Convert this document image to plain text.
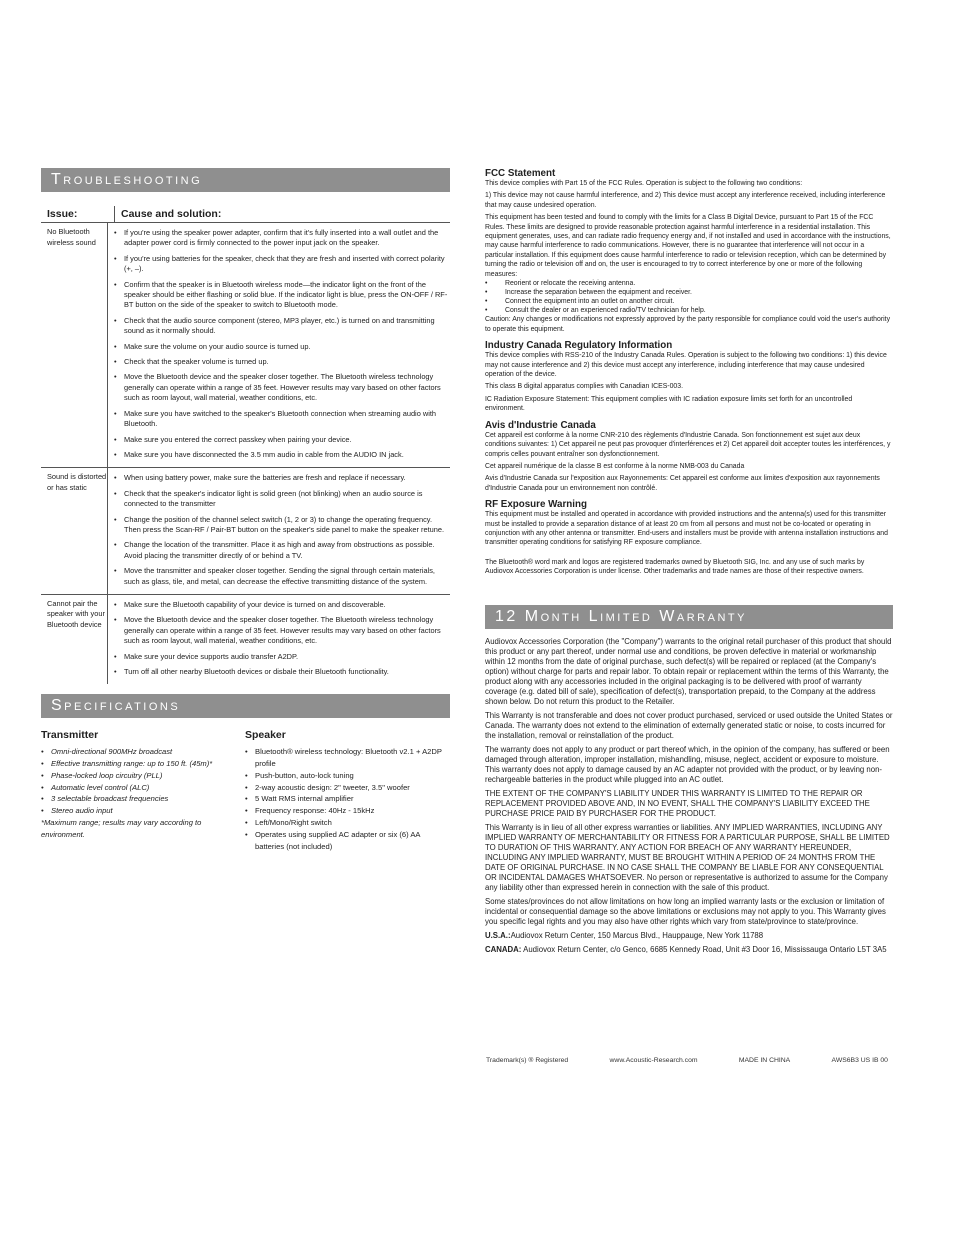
Troubleshooting
Issue:	Cause and solution:
No Bluetooth wireless sound
•	If you're using the speaker power adapter, confirm that it's fully inserted into a wall outlet and the adapter power cord is firmly connected to the power input jack on the speaker.
•	If you're using batteries for the speaker, check that they are fresh and inserted with correct polarity (+, –).
•	Confirm that the speaker is in Bluetooth wireless mode—the indicator light on the front of the speaker should be either flashing or solid blue. If the indicator light is blue, press the ON-OFF / RF-BT button on the side of the speaker to switch to Bluetooth mode.
•	Check that the audio source component (stereo, MP3 player, etc.) is turned on and transmitting sound as it normally should.
•	Make sure the volume on your audio source is turned up.
•	Check that the speaker volume is turned up.
•	Move the Bluetooth device and the speaker closer together. The Bluetooth wireless technology generally can operate within a range of 35 feet. However results may vary based on other factors such as room layout, wall material, weather conditions, etc.
•	Make sure you have switched to the speaker's Bluetooth connection when streaming audio with Bluetooth.
•	Make sure you entered the correct passkey when pairing your device.
•	Make sure you have disconnected the 3.5 mm audio in cable from the AUDIO IN jack.
Sound is distorted or has static
•	When using battery power, make sure the batteries are fresh and replace if necessary.
•	Check that the speaker's indicator light is solid green (not blinking) when an audio source is connected to the transmitter
•	Change the position of the channel select switch (1, 2 or 3) to change the operating frequency. Then press the Scan-RF / Pair-BT button on the speaker's side panel to make the speaker retune.
•	Change the location of the transmitter. Place it as high and away from obstructions as possible. Avoid placing the transmitter directly of or behind a TV.
•	Move the transmitter and speaker closer together. Sending the signal through certain materials, such as glass, tile, and metal, can decrease the effective transmitting distance of the system.
Cannot pair the speaker with your Bluetooth device
•	Make sure the Bluetooth capability of your device is turned on and discoverable.
•	Move the Bluetooth device and the speaker closer together. The Bluetooth wireless technology generally can operate within a range of 35 feet. However results may vary based on other factors such as room layout, wall material, weather conditions, etc.
•	Make sure your device supports audio transfer A2DP.
•	Turn off all other nearby Bluetooth devices or disbale their Bluetooth functionality.
Specifications
Transmitter
• Omni-directional 900MHz broadcast
• Effective transmitting range: up to 150 ft. (45m)*
• Phase-locked loop circuitry (PLL)
• Automatic level control (ALC)
• 3 selectable broadcast frequencies
• Stereo audio input
*Maximum range; results may vary according to environment.
Speaker
• Bluetooth® wireless technology: Bluetooth v2.1 + A2DP profile
• Push-button, auto-lock tuning
• 2-way acoustic design: 2" tweeter, 3.5" woofer
• 5 Watt RMS internal amplifier
• Frequency response: 40Hz - 15kHz
• Left/Mono/Right switch
• Operates using supplied AC adapter or six (6) AA batteries (not included)
FCC Statement

This device complies with Part 15 of the FCC Rules. Operation is subject to the following two conditions:

1) This device may not cause harmful interference, and 2) This device must accept any interference received, including interference that may cause undesired operation.

This equipment has been tested and found to comply with the limits for a Class B Digital Device, pursuant to Part 15 of the FCC Rules. These limits are designed to provide reasonable protection against harmful interference in a residential installation. This equipment generates, uses, and can radiate radio frequency energy and, if not installed and used in accordance with the instructions, may cause harmful interference to radio communications. However, there is no guarantee that interference will not occur in a particular installation. If this equipment does cause harmful interference to radio or television reception, which can be determined by turning the radio or television off and on, the user is encouraged to try to correct interference by one or more of the following measures:

•	Reorient or relocate the receiving antenna.
•	Increase the separation between the equipment and receiver.
•	Connect the equipment into an outlet on another circuit.
•	Consult the dealer or an experienced radio/TV technician for help.

Caution: Any changes or modifications not expressly approved by the party responsible for compliance could void the user's authority to operate this equipment.

Industry Canada Regulatory Information

This device complies with RSS-210 of the Industry Canada Rules. Operation is subject to the following two conditions: 1) this device may not cause interference and 2) this device must accept any interference, including interference that may cause undesired operation of the device.

This class B digital apparatus complies with Canadian ICES-003.

IC Radiation Exposure Statement: This equipment complies with IC radiation exposure limits set forth for an uncontrolled environment.

Avis d'Industrie Canada

Cet appareil est conforme à la norme CNR-210 des règlements d'Industrie Canada. Son fonctionnement est sujet aux deux conditions suivantes: 1) Cet appareil ne peut pas provoquer d'interférences et 2) Cet appareil doit accepter toutes les interférences, y compris celles pouvant entraîner son dysfonctionnement.

Cet appareil numérique de la classe B est conforme à la norme NMB-003 du Canada

Avis d'Industrie Canada sur l'exposition aux Rayonnements: Cet appareil est conforme aux limites d'exposition aux rayonnements d'Industrie Canada pour un environnement non contrôlé.

RF Exposure Warning

This equipment must be installed and operated in accordance with provided instructions and the antenna(s) used for this transmitter must be installed to provide a separation distance of at least 20 cm from all persons and must not be co-located or operating in conjunction with any other antenna or transmitter. End-users and installers must be provide with antenna installation instructions and transmitter operating conditions for satisfying RF exposure compliance.

The Bluetooth® word mark and logos are registered trademarks owned by Bluetooth SIG, Inc. and any use of such marks by Audiovox Accessories Corporation is under license. Other trademarks and trade names are those of their respective owners.

12 Month Limited Warranty

Audiovox Accessories Corporation (the "Company") warrants to the original retail purchaser of this product that should this product or any part thereof, under normal use and conditions, be proven defective in material or workmanship within 12 months from the date of original purchase, such defect(s) will be repaired or replaced (at the Company's option) without charge for parts and repair labor. To obtain repair or replacement within the terms of this Warranty, the product along with any accessories included in the original packaging is to be delivered with proof of warranty coverage (e.g. dated bill of sale), specification of defect(s), transportation prepaid, to the Company at the address shown below. Do not return this product to the Retailer.

This Warranty is not transferable and does not cover product purchased, serviced or used outside the United States or Canada. The warranty does not extend to the elimination of externally generated static or noise, to costs incurred for the installation, removal or reinstallation of the product.

The warranty does not apply to any product or part thereof which, in the opinion of the company, has suffered or been damaged through alteration, improper installation, mishandling, misuse, neglect, accident or exposure to moisture. This warranty does not apply to damage caused by an AC adapter not provided with the product, or by leaving non-rechargeable batteries in the product while plugged into an AC outlet.

THE EXTENT OF THE COMPANY'S LIABILITY UNDER THIS WARRANTY IS LIMITED TO THE REPAIR OR REPLACEMENT PROVIDED ABOVE AND, IN NO EVENT, SHALL THE COMPANY'S LIABILITY EXCEED THE PURCHASE PRICE PAID BY PURCHASER FOR THE PRODUCT.

This Warranty is in lieu of all other express warranties or liabilities. ANY IMPLIED WARRANTIES, INCLUDING ANY IMPLIED WARRANTY OF MERCHANTABILITY OR FITNESS FOR A PARTICULAR PURPOSE, SHALL BE LIMITED TO DURATION OF THIS WARRANTY. ANY ACTION FOR BREACH OF ANY WARRANTY HEREUNDER, INCLUDING ANY IMPLIED WARRANTY, MUST BE BROUGHT WITHIN A PERIOD OF 24 MONTHS FROM THE DATE OF ORIGINAL PURCHASE. IN NO CASE SHALL THE COMPANY BE LIABLE FOR ANY CONSEQUENTIAL OR INCIDENTAL DAMAGES WHATSOEVER. No person or representative is authorized to assume for the Company any liability other than expressed herein in connection with the sale of this product.

Some states/provinces do not allow limitations on how long an implied warranty lasts or the exclusion or limitation of incidental or consequential damage so the above limitations or exclusions may not apply to you. This Warranty gives you specific legal rights and you may also have other rights which vary from state/province to state/province.

U.S.A.:Audiovox Return Center, 150 Marcus Blvd., Hauppauge, New York 11788

CANADA: Audiovox Return Center, c/o Genco, 6685 Kennedy Road, Unit #3 Door 16, Mississauga Ontario L5T 3A5

Trademark(s) ® Registered	www.Acoustic-Research.com	MADE IN CHINA	AWS6B3 US IB 00
